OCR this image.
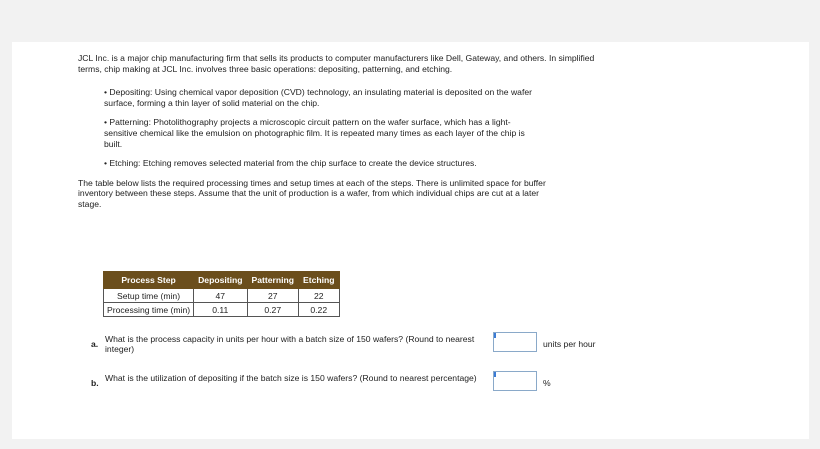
JCL Inc. is a major chip manufacturing firm that sells its products to computer manufacturers like Dell, Gateway, and others. In simplified terms, chip making at JCL Inc. involves three basic operations: depositing, patterning, and etching.

• Depositing: Using chemical vapor deposition (CVD) technology, an insulating material is deposited on the wafer surface, forming a thin layer of solid material on the chip.

• Patterning: Photolithography projects a microscopic circuit pattern on the wafer surface, which has a light-sensitive chemical like the emulsion on photographic film. It is repeated many times as each layer of the chip is built.

• Etching: Etching removes selected material from the chip surface to create the device structures.

The table below lists the required processing times and setup times at each of the steps. There is unlimited space for buffer inventory between these steps. Assume that the unit of production is a wafer, from which individual chips are cut at a later stage.

Process Step	Depositing	Patterning	Etching
Setup time (min)	47	27	22
Processing time (min)	0.11	0.27	0.22
a. What is the process capacity in units per hour with a batch size of 150 wafers? (Round to nearest integer)	units per hour
b. What is the utilization of depositing if the batch size is 150 wafers? (Round to nearest percentage)	%
